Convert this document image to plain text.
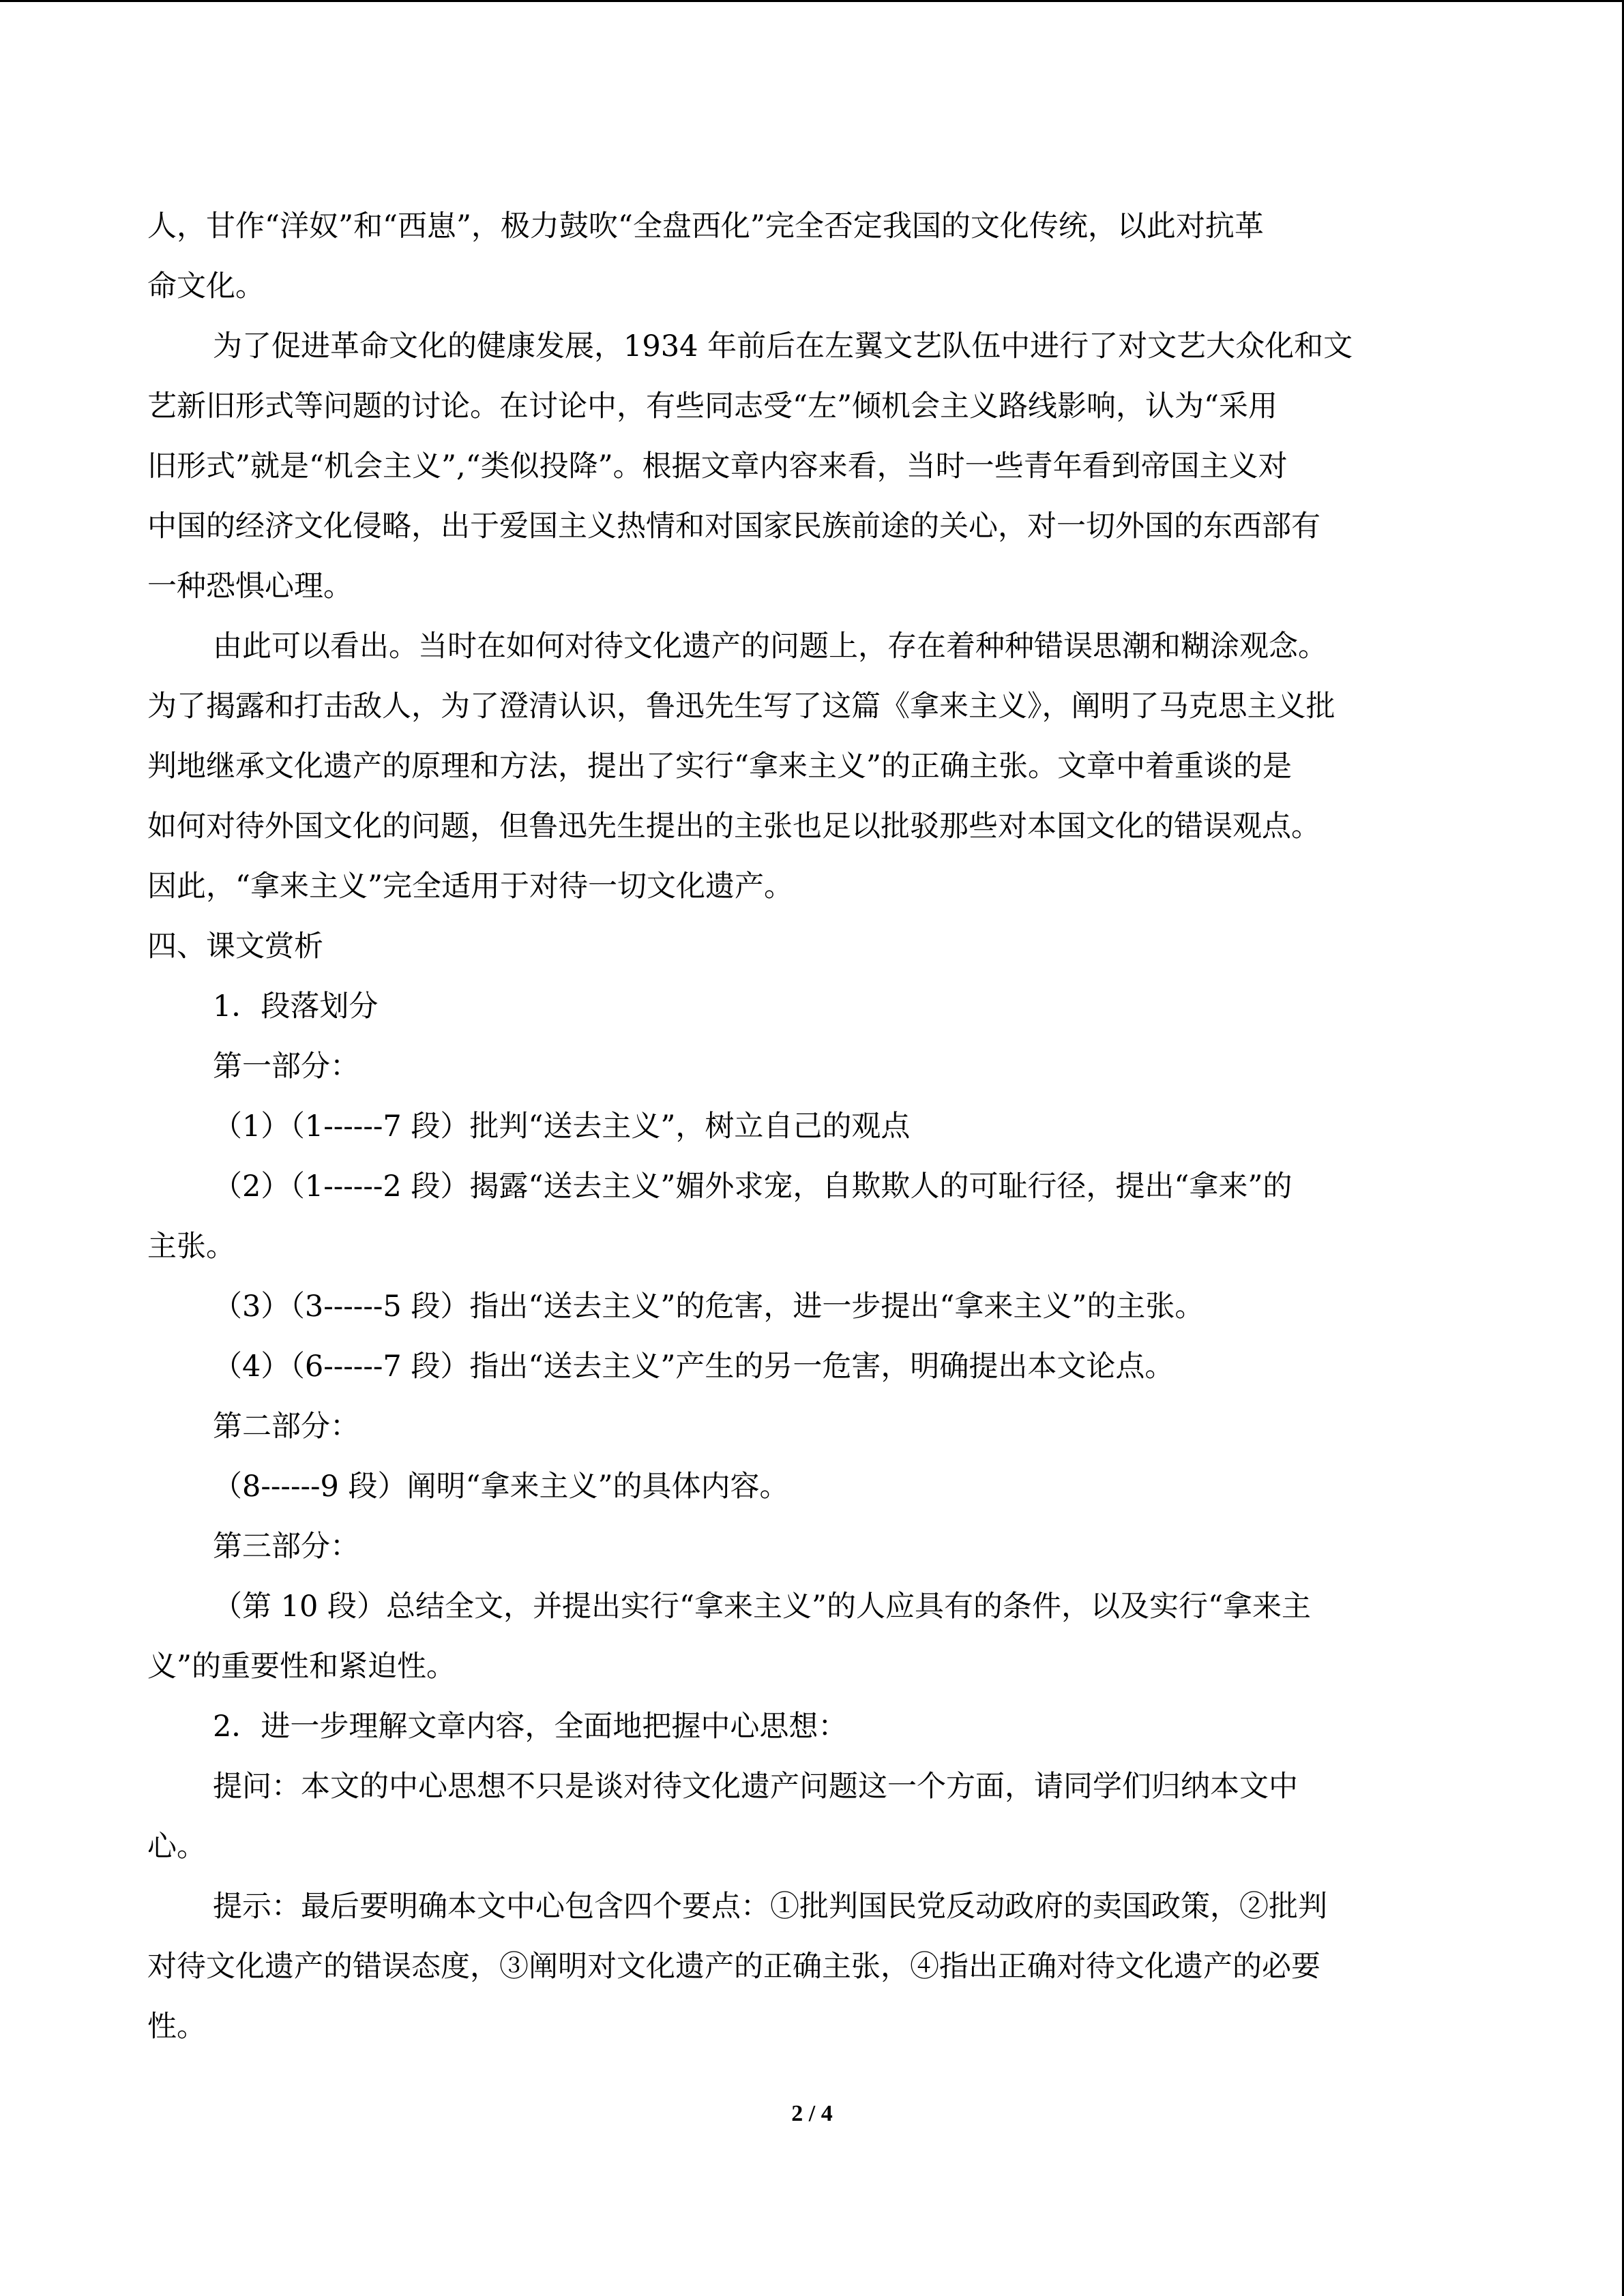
人，甘作“洋奴”和“西崽”，极力鼓吹“全盘西化”完全否定我国的文化传统，以此对抗革

命文化。

为了促进革命文化的健康发展，1934 年前后在左翼文艺队伍中进行了对文艺大众化和文

艺新旧形式等问题的讨论。在讨论中，有些同志受“左”倾机会主义路线影响，认为“采用

旧形式”就是“机会主义”,“类似投降”。根据文章内容来看，当时一些青年看到帝国主义对

中国的经济文化侵略，出于爱国主义热情和对国家民族前途的关心，对一切外国的东西部有

一种恐惧心理。

由此可以看出。当时在如何对待文化遗产的问题上，存在着种种错误思潮和糊涂观念。

为了揭露和打击敌人，为了澄清认识，鲁迅先生写了这篇《拿来主义》，阐明了马克思主义批

判地继承文化遗产的原理和方法，提出了实行“拿来主义”的正确主张。文章中着重谈的是

如何对待外国文化的问题，但鲁迅先生提出的主张也足以批驳那些对本国文化的错误观点。

因此，“拿来主义”完全适用于对待一切文化遗产。

四、课文赏析

1．段落划分

第一部分：

（1）（1------7 段）批判“送去主义”，树立自己的观点

（2）（1------2 段）揭露“送去主义”媚外求宠，自欺欺人的可耻行径，提出“拿来”的

主张。

（3）（3------5 段）指出“送去主义”的危害，进一步提出“拿来主义”的主张。

（4）（6------7 段）指出“送去主义”产生的另一危害，明确提出本文论点。

第二部分：

（8------9 段）阐明“拿来主义”的具体内容。

第三部分：

（第 10 段）总结全文，并提出实行“拿来主义”的人应具有的条件，以及实行“拿来主

义”的重要性和紧迫性。

2．进一步理解文章内容，全面地把握中心思想：

提问：本文的中心思想不只是谈对待文化遗产问题这一个方面，请同学们归纳本文中

心。

提示：最后要明确本文中心包含四个要点：①批判国民党反动政府的卖国政策，②批判

对待文化遗产的错误态度，③阐明对文化遗产的正确主张，④指出正确对待文化遗产的必要

性。

2 / 4
